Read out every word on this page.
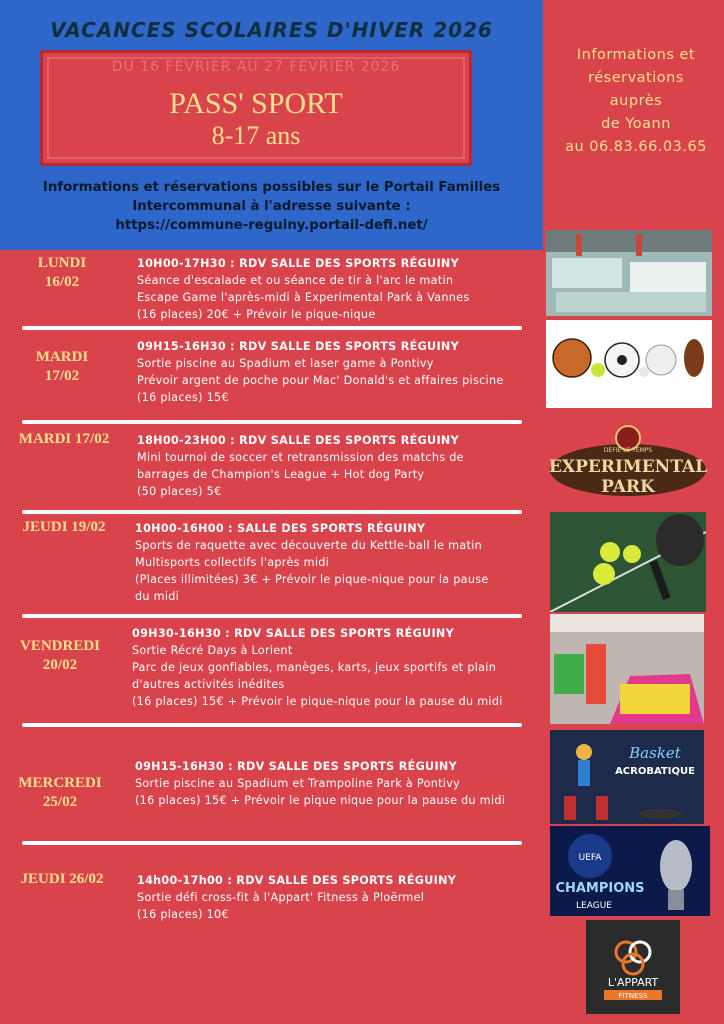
VACANCES SCOLAIRES D'HIVER 2026
DU 16 FÉVRIER AU 27 FEVRIER 2026
PASS' SPORT
8-17 ans
Informations et réservations possibles sur le Portail Familles
Intercommunal à l'adresse suivante :
https://commune-reguiny.portail-defi.net/
Informations et
réservations
auprès
de Yoann
au 06.83.66.03.65
LUNDI
16/02
10H00-17H30 : RDV SALLE DES SPORTS RÉGUINY
Séance d'escalade et ou séance de tir à l'arc le matin
Escape Game l'après-midi à Experimental Park à Vannes
(16 places) 20€ + Prévoir le pique-nique
MARDI
17/02
09H15-16H30 : RDV SALLE DES SPORTS RÉGUINY
Sortie piscine au Spadium et laser game à Pontivy
Prévoir argent de poche pour Mac' Donald's et affaires piscine
(16 places) 15€
MARDI 17/02	18H00-23H00 : RDV SALLE DES SPORTS RÉGUINY
Mini tournoi de soccer et retransmission des matchs de
barrages de Champion's League + Hot dog Party
(50 places) 5€
JEUDI 19/02	10H00-16H00 : SALLE DES SPORTS RÉGUINY
Sports de raquette avec découverte du Kettle-ball le matin
Multisports collectifs l'après midi
(Places illimitées) 3€ + Prévoir le pique-nique pour la pause
du midi
VENDREDI
20/02
09H30-16H30 : RDV SALLE DES SPORTS RÉGUINY
Sortie Récré Days à Lorient
Parc de jeux gonflables, manèges, karts, jeux sportifs et plain
d'autres activités inédites
(16 places) 15€ + Prévoir le pique-nique pour la pause du midi
MERCREDI
25/02
09H15-16H30 : RDV SALLE DES SPORTS RÉGUINY
Sortie piscine au Spadium et Trampoline Park à Pontivy
(16 places) 15€ + Prévoir le pique nique pour la pause du midi
JEUDI 26/02	14h00-17h00 : RDV SALLE DES SPORTS RÉGUINY
Sortie défi cross-fit à l'Appart' Fitness à Ploërmel
(16 places) 10€
DEFIE LE TEMPS
EXPERIMENTAL
PARK
Basket
ACROBATIQUE
UEFA
CHAMPIONS
LEAGUE
L'APPART
FITNESS
